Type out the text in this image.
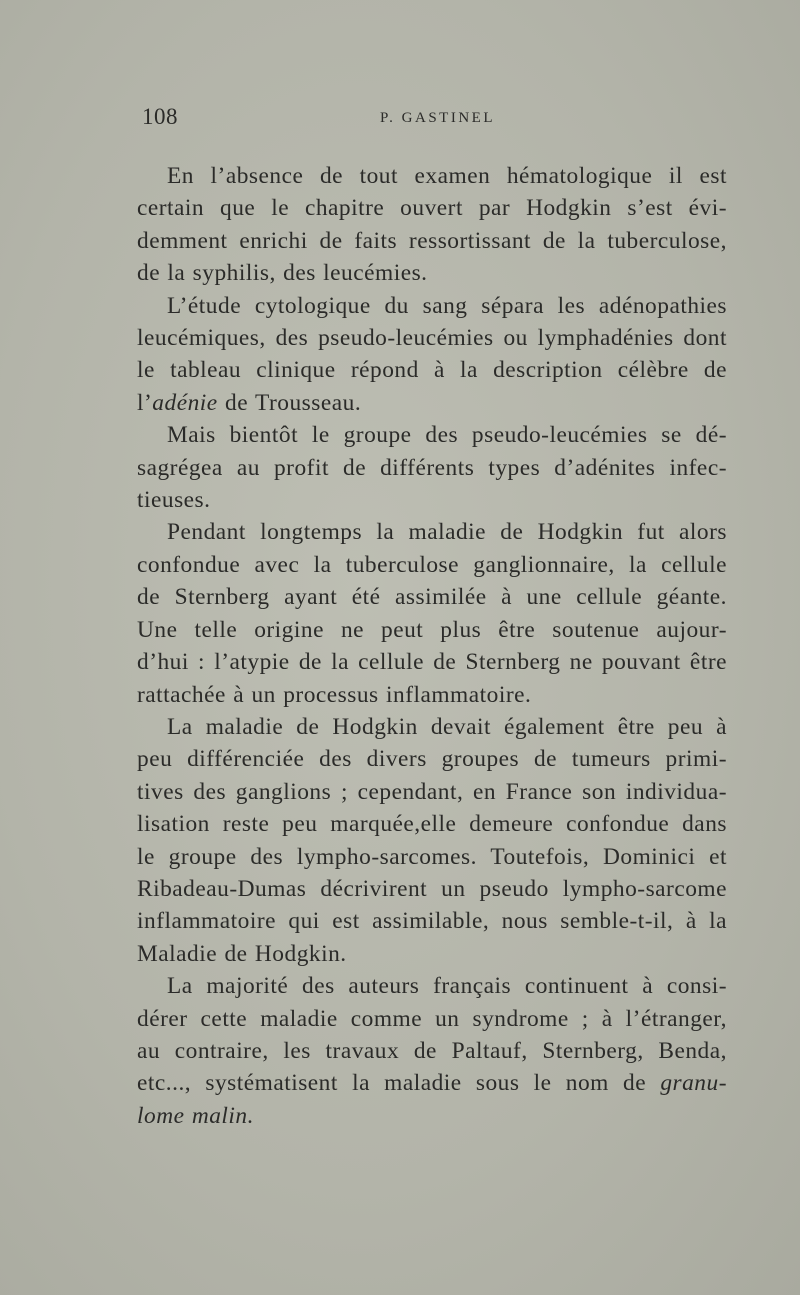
108	P. GASTINEL
En l’absence de tout examen hématologique il est
certain que le chapitre ouvert par Hodgkin s’est évi-
demment enrichi de faits ressortissant de la tuberculose,
de la syphilis, des leucémies.
L’étude cytologique du sang sépara les adénopathies
leucémiques, des pseudo-leucémies ou lymphadénies dont
le tableau clinique répond à la description célèbre de
l’adénie de Trousseau.
Mais bientôt le groupe des pseudo-leucémies se dé-
sagrégea au profit de différents types d’adénites infec-
tieuses.
Pendant longtemps la maladie de Hodgkin fut alors
confondue avec la tuberculose ganglionnaire, la cellule
de Sternberg ayant été assimilée à une cellule géante.
Une telle origine ne peut plus être soutenue aujour-
d’hui : l’atypie de la cellule de Sternberg ne pouvant être
rattachée à un processus inflammatoire.
La maladie de Hodgkin devait également être peu à
peu différenciée des divers groupes de tumeurs primi-
tives des ganglions ; cependant, en France son individua-
lisation reste peu marquée,elle demeure confondue dans
le groupe des lympho-sarcomes. Toutefois, Dominici et
Ribadeau-Dumas décrivirent un pseudo lympho-sarcome
inflammatoire qui est assimilable, nous semble-t-il, à la
Maladie de Hodgkin.
La majorité des auteurs français continuent à consi-
dérer cette maladie comme un syndrome ; à l’étranger,
au contraire, les travaux de Paltauf, Sternberg, Benda,
etc..., systématisent la maladie sous le nom de granu-
lome malin.
